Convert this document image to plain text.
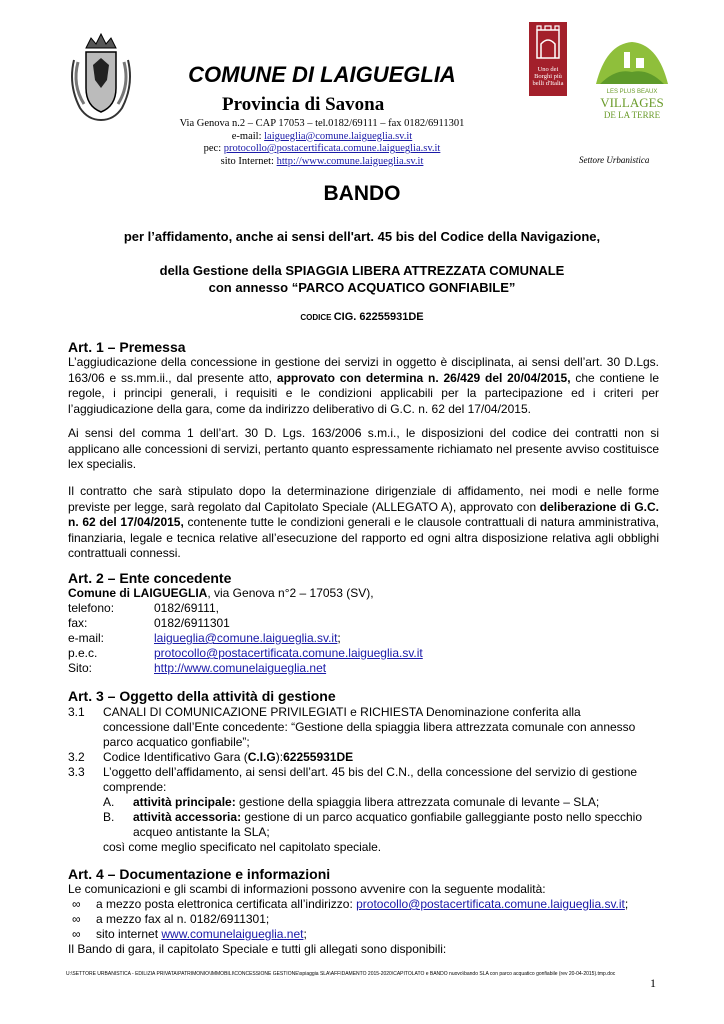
COMUNE DI LAIGUEGLIA
Provincia di Savona
Via Genova n.2 – CAP 17053 – tel.0182/69111 – fax 0182/6911301
e-mail: laigueglia@comune.laigueglia.sv.it
pec: protocollo@postacertificata.comune.laigueglia.sv.it
sito Internet: http://www.comune.laigueglia.sv.it
Uno dei Borghi più belli d'Italia
LES PLUS BEAUX
VILLAGES
DE LA TERRE
Settore Urbanistica
BANDO
per l’affidamento, anche ai sensi dell'art. 45 bis del Codice della Navigazione,
della Gestione della SPIAGGIA LIBERA ATTREZZATA COMUNALE
con annesso “PARCO ACQUATICO GONFIABILE”
CODICE CIG. 62255931DE
Art. 1 – Premessa
L’aggiudicazione della concessione in gestione dei servizi in oggetto è disciplinata, ai sensi dell’art. 30 D.Lgs. 163/06 e ss.mm.ii., dal presente atto, approvato con determina n. 26/429 del 20/04/2015, che contiene le regole, i principi generali, i requisiti e le condizioni applicabili per la partecipazione ed i criteri per l’aggiudicazione della gara, come da indirizzo deliberativo di G.C. n. 62 del 17/04/2015.
Ai sensi del comma 1 dell’art. 30 D. Lgs. 163/2006 s.m.i., le disposizioni del codice dei contratti non si applicano alle concessioni di servizi, pertanto quanto espressamente richiamato nel presente avviso costituisce lex specialis.
Il contratto che sarà stipulato dopo la determinazione dirigenziale di affidamento, nei modi e nelle forme previste per legge, sarà regolato dal Capitolato Speciale (ALLEGATO A), approvato con deliberazione di G.C. n. 62 del 17/04/2015, contenente tutte le condizioni generali e le clausole contrattuali di natura amministrativa, finanziaria, legale e tecnica relative all’esecuzione del rapporto ed ogni altra disposizione relativa agli obblighi contrattuali connessi.
Art. 2 – Ente concedente
Comune di LAIGUEGLIA, via Genova n°2 – 17053 (SV),
telefono:	0182/69111,
fax:	0182/6911301
e-mail:	laigueglia@comune.laigueglia.sv.it;
p.e.c.	protocollo@postacertificata.comune.laigueglia.sv.it
Sito:	http://www.comunelaigueglia.net
Art. 3 – Oggetto della attività di gestione
3.1 CANALI DI COMUNICAZIONE PRIVILEGIATI e RICHIESTA Denominazione conferita alla
concessione dall’Ente concedente: “Gestione della spiaggia libera attrezzata comunale con annesso parco acquatico gonfiabile”;
3.2 Codice Identificativo Gara (C.I.G):62255931DE
3.3 L’oggetto dell’affidamento, ai sensi dell’art. 45 bis del C.N., della concessione del servizio di gestione comprende:
A. attività principale: gestione della spiaggia libera attrezzata comunale di levante – SLA;
B. attività accessoria: gestione di un parco acquatico gonfiabile galleggiante posto nello specchio acqueo antistante la SLA;
così come meglio specificato nel capitolato speciale.
Art. 4 – Documentazione e informazioni
Le comunicazioni e gli scambi di informazioni possono avvenire con la seguente modalità:
∞ a mezzo posta elettronica certificata all’indirizzo: protocollo@postacertificata.comune.laigueglia.sv.it;
∞ a mezzo fax al n. 0182/6911301;
∞ sito internet www.comunelaigueglia.net;
Il Bando di gara, il capitolato Speciale e tutti gli allegati sono disponibili:
U:\SETTORE URBANISTICA - EDILIZIA PRIVATA\PATRIMONIO\IMMOBILI\CONCESSIONE GESTIONE\spiaggia SLA\AFFIDAMENTO 2015-2020\CAPITOLATO e BANDO nuovo\bando SLA con parco acquatico gonfiabile (rev 20-04-2015).tmp.doc
1
